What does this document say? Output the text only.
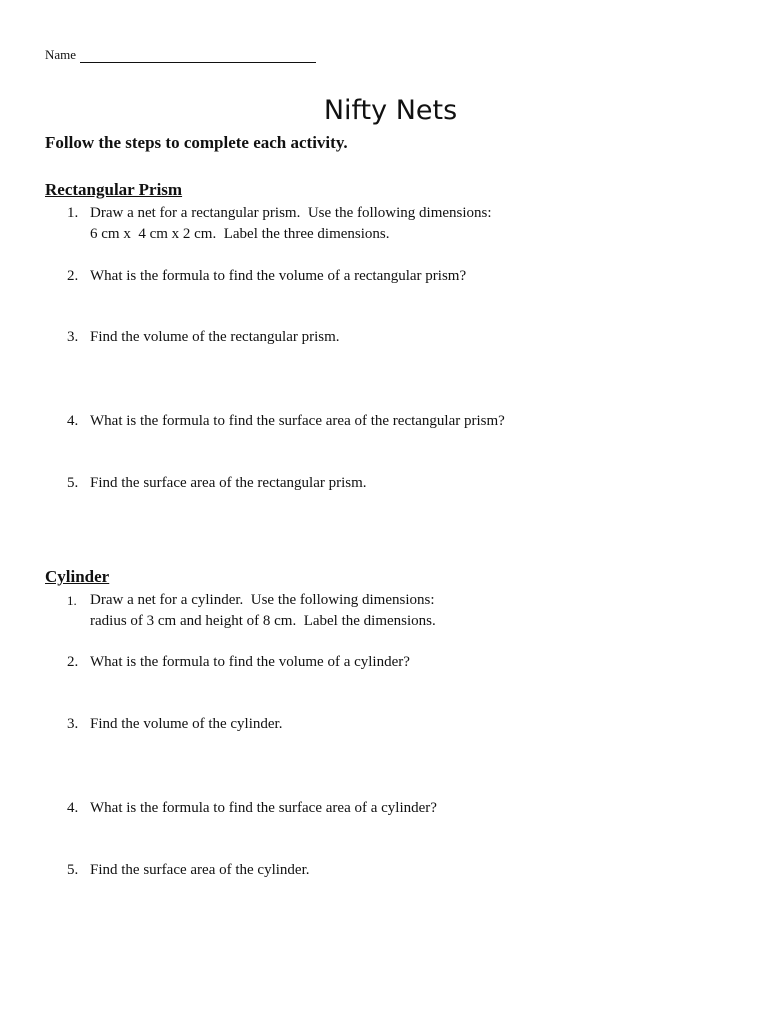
Name
Nifty Nets
Follow the steps to complete each activity.
Rectangular Prism
1. Draw a net for a rectangular prism.  Use the following dimensions:
6 cm x  4 cm x 2 cm.  Label the three dimensions.
2. What is the formula to find the volume of a rectangular prism?
3. Find the volume of the rectangular prism.
4. What is the formula to find the surface area of the rectangular prism?
5. Find the surface area of the rectangular prism.
Cylinder
1. Draw a net for a cylinder.  Use the following dimensions:
radius of 3 cm and height of 8 cm.  Label the dimensions.
2. What is the formula to find the volume of a cylinder?
3. Find the volume of the cylinder.
4. What is the formula to find the surface area of a cylinder?
5. Find the surface area of the cylinder.
